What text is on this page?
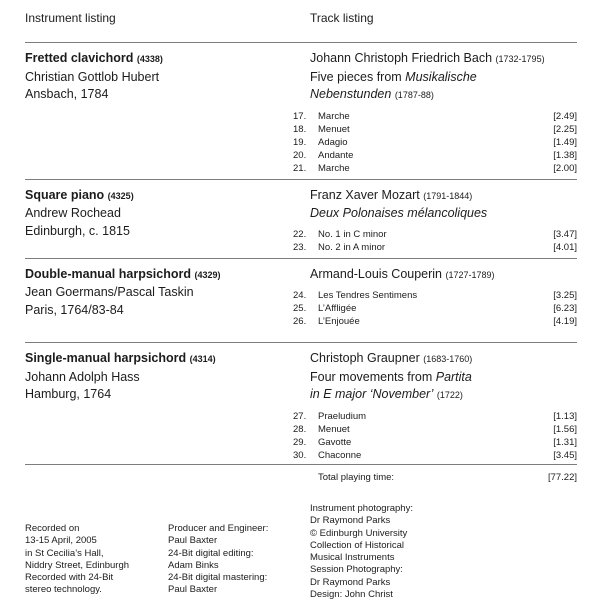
Instrument listing	Track listing
Fretted clavichord (4338)
Christian Gottlob Hubert
Ansbach, 1784
Johann Christoph Friedrich Bach (1732-1795)
Five pieces from Musikalische
Nebenstunden (1787-88)
17.	Marche	[2.49]
18.	Menuet	[2.25]
19.	Adagio	[1.49]
20.	Andante	[1.38]
21.	Marche	[2.00]
Square piano (4325)
Andrew Rochead
Edinburgh, c. 1815
Franz Xaver Mozart (1791-1844)
Deux Polonaises mélancoliques
22.	No. 1 in C minor	[3.47]
23.	No. 2 in A minor	[4.01]
Double-manual harpsichord (4329)
Jean Goermans/Pascal Taskin
Paris, 1764/83-84
Armand-Louis Couperin (1727-1789)
24.	Les Tendres Sentimens	[3.25]
25.	L’Affligée	[6.23]
26.	L’Enjouée	[4.19]
Single-manual harpsichord (4314)
Johann Adolph Hass
Hamburg, 1764
Christoph Graupner (1683-1760)
Four movements from Partita
in E major ‘November’ (1722)
27.	Praeludium	[1.13]
28.	Menuet	[1.56]
29.	Gavotte	[1.31]
30.	Chaconne	[3.45]
Total playing time:	[77.22]
Recorded on
13-15 April, 2005
in St Cecilia’s Hall,
Niddry Street, Edinburgh
Recorded with 24-Bit
stereo technology.
Producer and Engineer:
Paul Baxter
24-Bit digital editing:
Adam Binks
24-Bit digital mastering:
Paul Baxter
Instrument photography:
Dr Raymond Parks
© Edinburgh University
Collection of Historical
Musical Instruments
Session Photography:
Dr Raymond Parks
Design: John Christ
